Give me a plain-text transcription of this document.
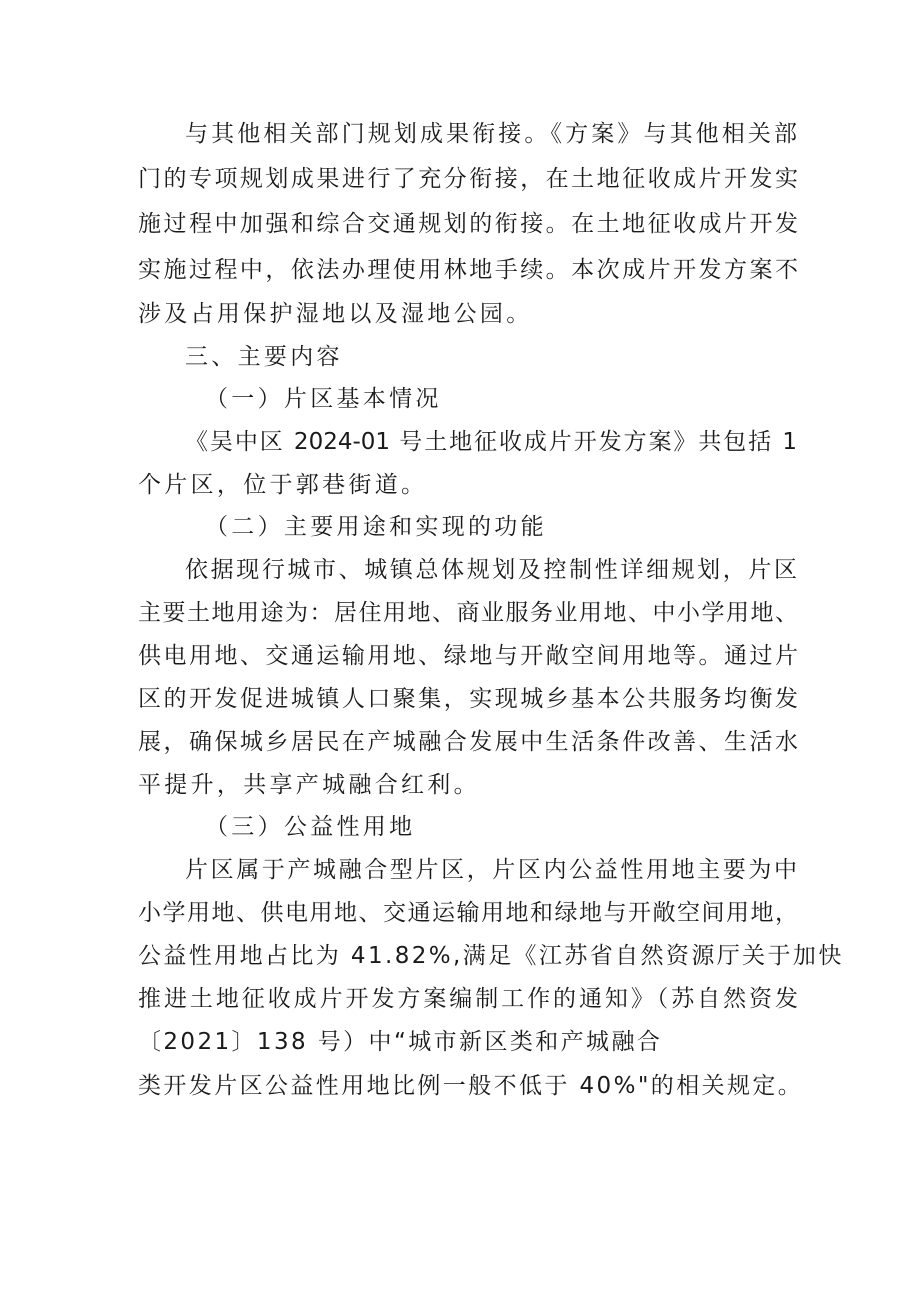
与其他相关部门规划成果衔接。《方案》与其他相关部

门的专项规划成果进行了充分衔接，在土地征收成片开发实

施过程中加强和综合交通规划的衔接。在土地征收成片开发

实施过程中，依法办理使用林地手续。本次成片开发方案不

涉及占用保护湿地以及湿地公园。

三、主要内容

（一）片区基本情况

《吴中区 2024-01 号土地征收成片开发方案》共包括 1

个片区，位于郭巷街道。

（二）主要用途和实现的功能

依据现行城市、城镇总体规划及控制性详细规划，片区

主要土地用途为：居住用地、商业服务业用地、中小学用地、

供电用地、交通运输用地、绿地与开敞空间用地等。通过片

区的开发促进城镇人口聚集，实现城乡基本公共服务均衡发

展，确保城乡居民在产城融合发展中生活条件改善、生活水

平提升，共享产城融合红利。

（三）公益性用地

片区属于产城融合型片区，片区内公益性用地主要为中

小学用地、供电用地、交通运输用地和绿地与开敞空间用地，

公益性用地占比为 41.82%,满足《江苏省自然资源厅关于加快

推进土地征收成片开发方案编制工作的通知》（苏自然资发

〔2021〕138 号）中“城市新区类和产城融合

类开发片区公益性用地比例一般不低于 40%"的相关规定。
